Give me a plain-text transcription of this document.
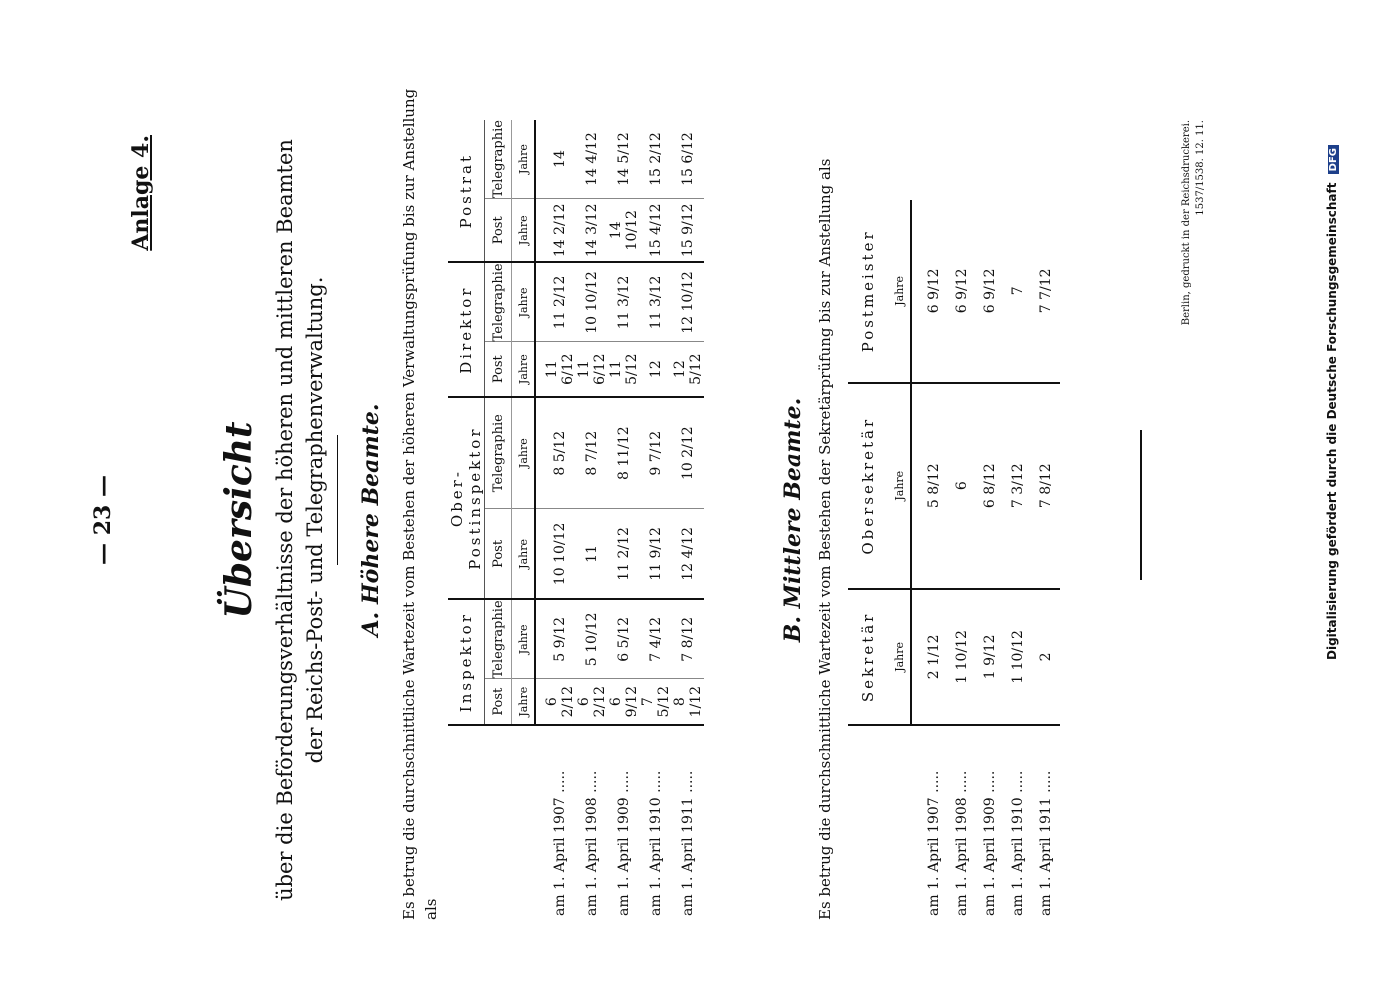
— 23 —
Anlage 4.
Übersicht über die Beförderungsverhältnisse der höheren und mittleren Beamten der Reichs-Post- und Telegraphenverwaltung. A. Höhere Beamte. Es betrug die durchschnittliche Wartezeit vom Bestehen der höheren Verwaltungsprüfung bis zur Anstellung als
	Inspektor		Ober-Postinspektor		Direktor		Postrat	
	Post	Telegraphie	Post	Telegraphie	Post	Telegraphie	Post	Telegraphie
	Jahre	Jahre	Jahre	Jahre	Jahre	Jahre	Jahre	Jahre
am 1. April 1907 .....	6 2/12	5 9/12	10 10/12	8 5/12	11 6/12	11 2/12	14 2/12	14
am 1. April 1908 .....	6 2/12	5 10/12	11	8 7/12	11 6/12	10 10/12	14 3/12	14 4/12
am 1. April 1909 .....	6 9/12	6 5/12	11 2/12	8 11/12	11 5/12	11 3/12	14 10/12	14 5/12
am 1. April 1910 .....	7 5/12	7 4/12	11 9/12	9 7/12	12	11 3/12	15 4/12	15 2/12
am 1. April 1911 .....	8 1/12	7 8/12	12 4/12	10 2/12	12 5/12	12 10/12	15 9/12	15 6/12
B. Mittlere Beamte. Es betrug die durchschnittliche Wartezeit vom Bestehen der Sekretärprüfung bis zur Anstellung als
	Sekretär	Obersekretär	Postmeister
	Jahre	Jahre	Jahre
am 1. April 1907 .....	2 1/12	5 8/12	6 9/12
am 1. April 1908 .....	1 10/12	6	6 9/12
am 1. April 1909 .....	1 9/12	6 8/12	6 9/12
am 1. April 1910 .....	1 10/12	7 3/12	7
am 1. April 1911 .....	2	7 8/12	7 7/12	Berlin, gedruckt in der Reichsdruckerei. 1537/1538. 12. 11.
Digitalisierung gefördert durch die Deutsche Forschungsgemeinschaft DFG
